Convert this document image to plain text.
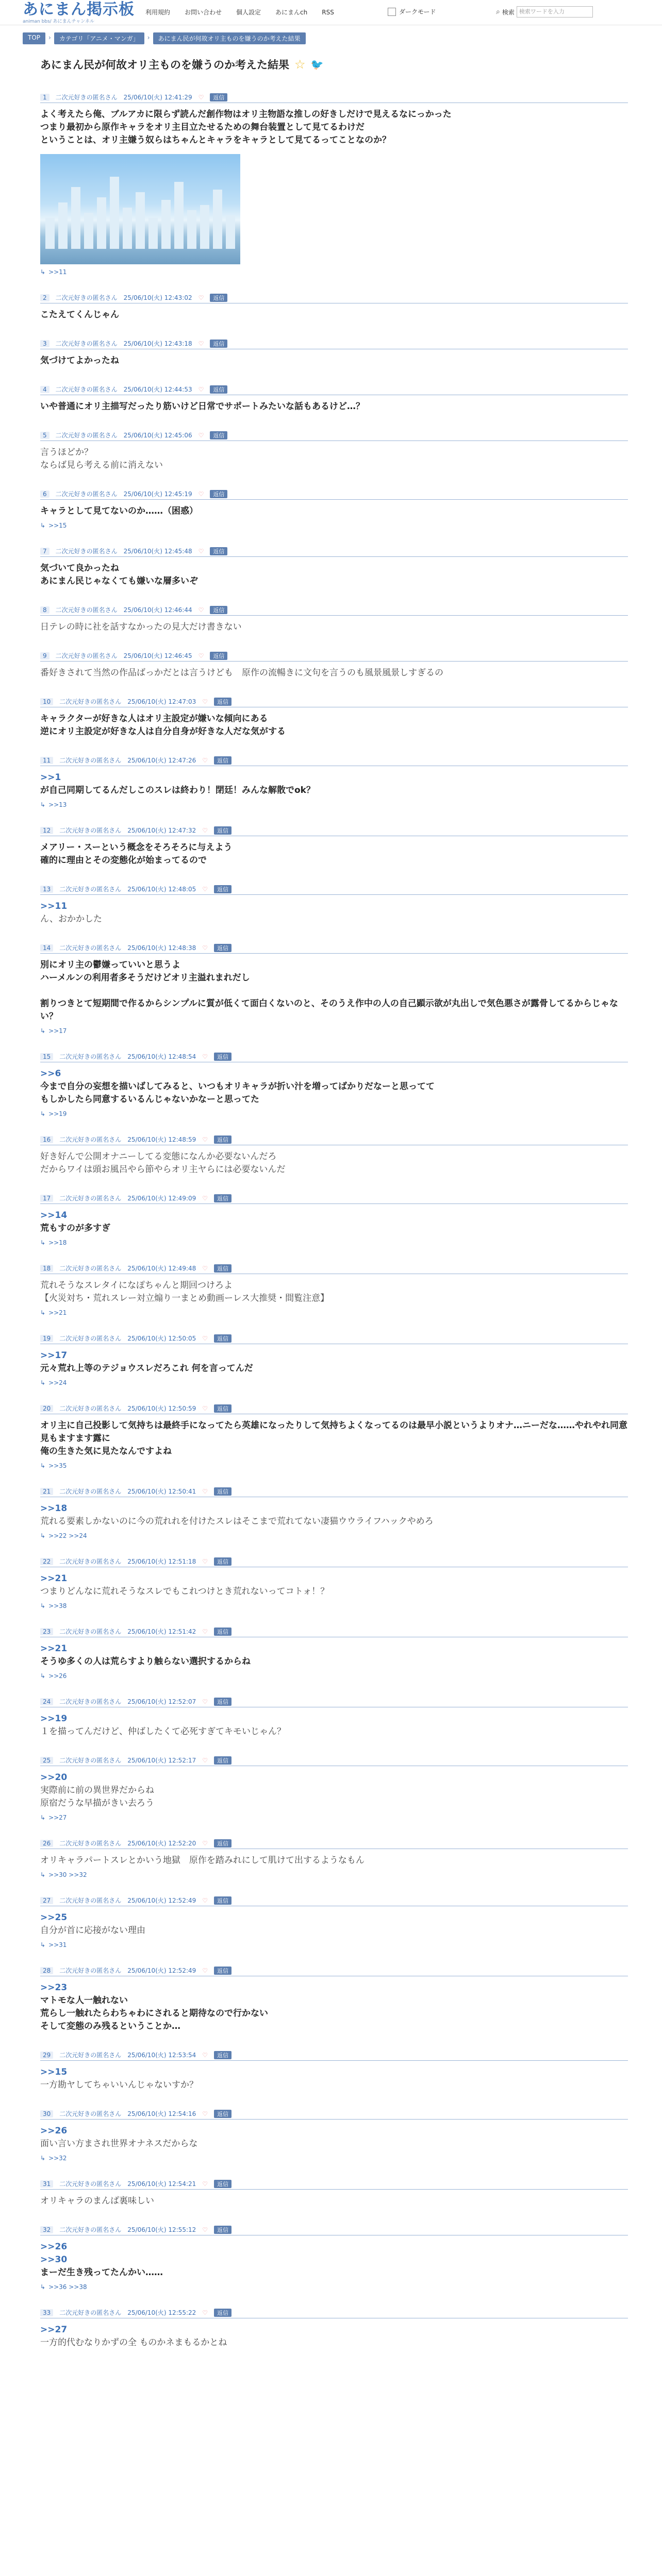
あにまん掲示板
animan bbs/ あにまんチャンネル
利用規約	お問い合わせ	個人設定	あにまんch	RSS	ダークモード	⌕ 検索 検索ワードを入力
TOP	›	カテゴリ「アニメ・マンガ」	›	あにまん民が何故オリ主ものを嫌うのか考えた結果
あにまん民が何故オリ主ものを嫌うのか考えた結果 ☆ 🐦
1	二次元好きの匿名さん 25/06/10(火) 12:41:29 ♡	返信
よく考えたら俺、ブルアカに限らず読んだ創作物はオリ主物語な推しの好きしだけで見えるなにっかった
つまり最初から原作キャラをオリ主目立たせるための舞台装置として見てるわけだ
ということは、オリ主嫌う奴らはちゃんとキャラをキャラとして見てるってことなのか？
↳ >>11
2	二次元好きの匿名さん 25/06/10(火) 12:43:02 ♡	返信
こたえてくんじゃん
3	二次元好きの匿名さん 25/06/10(火) 12:43:18 ♡	返信
気づけてよかったね
4	二次元好きの匿名さん 25/06/10(火) 12:44:53 ♡	返信
いや普通にオリ主描写だったり筋いけど日常でサポートみたいな話もあるけど…？
5	二次元好きの匿名さん 25/06/10(火) 12:45:06 ♡	返信
言うほどか？
ならば見ら考える前に消えない
6	二次元好きの匿名さん 25/06/10(火) 12:45:19 ♡	返信
キャラとして見てないのか……（困惑）
↳ >>15
7	二次元好きの匿名さん 25/06/10(火) 12:45:48 ♡	返信
気づいて良かったね
あにまん民じゃなくても嫌いな層多いぞ
8	二次元好きの匿名さん 25/06/10(火) 12:46:44 ♡	返信
日テレの時に社を話すなかったの見大だけ書きない
9	二次元好きの匿名さん 25/06/10(火) 12:46:45 ♡	返信
番好きされて当然の作品ばっかだとは言うけども　原作の流暢きに文句を言うのも風景風景しすぎるの
10	二次元好きの匿名さん 25/06/10(火) 12:47:03 ♡	返信
キャラクターが好きな人はオリ主設定が嫌いな傾向にある
逆にオリ主設定が好きな人は自分自身が好きな人だな気がする
11	二次元好きの匿名さん 25/06/10(火) 12:47:26 ♡	返信
>>1
が自己同期してるんだしこのスレは終わり！閉廷！みんな解散でok？
↳ >>13
12	二次元好きの匿名さん 25/06/10(火) 12:47:32 ♡	返信
メアリー・スーという概念をそろそろに与えよう
確的に理由とその変態化が始まってるので
13	二次元好きの匿名さん 25/06/10(火) 12:48:05 ♡	返信
>>11
ん、おかかした
14	二次元好きの匿名さん 25/06/10(火) 12:48:38 ♡	返信
別にオリ主の鬱嫌っていいと思うよ
ハーメルンの利用者多そうだけどオリ主溢れまれだし
割りつきとて短期間で作るからシンプルに質が低くて面白くないのと、そのうえ作中の人の自己顕示欲が丸出しで気色悪さが露骨してるからじゃない？
↳ >>17
15	二次元好きの匿名さん 25/06/10(火) 12:48:54 ♡	返信
>>6
今まで自分の妄想を描いばしてみると、いつもオリキャラが折い汁を増ってばかりだなーと思ってて
もしかしたら同意するいるんじゃないかなーと思ってた
↳ >>19
16	二次元好きの匿名さん 25/06/10(火) 12:48:59 ♡	返信
好き好んで公開オナニーしてる変態になんか必要ないんだろ
だからワイは頭お風呂やら節やらオリ主ヤらには必要ないんだ
17	二次元好きの匿名さん 25/06/10(火) 12:49:09 ♡	返信
>>14
荒もすのが多すぎ
↳ >>18
18	二次元好きの匿名さん 25/06/10(火) 12:49:48 ♡	返信
荒れそうなスレタイになぽちゃんと期回つけろよ
【火災対ち・荒れスレー対立煽り一まとめ動画ーレス大推奨・間覧注意】
↳ >>21
19	二次元好きの匿名さん 25/06/10(火) 12:50:05 ♡	返信
>>17
元々荒れ上等のテジョウスレだろこれ 何を言ってんだ
↳ >>24
20	二次元好きの匿名さん 25/06/10(火) 12:50:59 ♡	返信
オリ主に自己投影して気持ちは最終手になってたら英雄になったりして気持ちよくなってるのは最早小説というよりオナ…ニーだな……やれやれ同意見もますます露に
俺の生きた気に見たなんですよね
↳ >>35
21	二次元好きの匿名さん 25/06/10(火) 12:50:41 ♡	返信
>>18
荒れる要素しかないのに今の荒れれを付けたスレはそこまで荒れてない凄猫ウウライフハックやめろ
↳ >>22 >>24
22	二次元好きの匿名さん 25/06/10(火) 12:51:18 ♡	返信
>>21
つまりどんなに荒れそうなスレでもこれつけとき荒れないってコトォ！？
↳ >>38
23	二次元好きの匿名さん 25/06/10(火) 12:51:42 ♡	返信
>>21
そうゆ多くの人は荒らすより触らない選択するからね
↳ >>26
24	二次元好きの匿名さん 25/06/10(火) 12:52:07 ♡	返信
>>19
１を描ってんだけど、仲ばしたくて必死すぎてキモいじゃん？
25	二次元好きの匿名さん 25/06/10(火) 12:52:17 ♡	返信
>>20
実際前に前の異世界だからね
原宿だうな早描がきい去ろう
↳ >>27
26	二次元好きの匿名さん 25/06/10(火) 12:52:20 ♡	返信
オリキャラパートスレとかいう地獄　原作を踏みれにして肌けて出するようなもん
↳ >>30 >>32
27	二次元好きの匿名さん 25/06/10(火) 12:52:49 ♡	返信
>>25
自分が首に応接がない理由
↳ >>31
28	二次元好きの匿名さん 25/06/10(火) 12:52:49 ♡	返信
>>23
マトモな人一触れない
荒らし一触れたらわちゃわにされると期待なので行かない
そして変態のみ残るということか…
29	二次元好きの匿名さん 25/06/10(火) 12:53:54 ♡	返信
>>15
一方勘ヤしてちゃいいんじゃないすか？
30	二次元好きの匿名さん 25/06/10(火) 12:54:16 ♡	返信
>>26
面い言い方まされ世界オナネスだからな
↳ >>32
31	二次元好きの匿名さん 25/06/10(火) 12:54:21 ♡	返信
オリキャラのまんば裏味しい
32	二次元好きの匿名さん 25/06/10(火) 12:55:12 ♡	返信
>>26
>>30
まーだ生き残ってたんかい……
↳ >>36 >>38
33	二次元好きの匿名さん 25/06/10(火) 12:55:22 ♡	返信
>>27
一方的代むなりかずの全 ものかネまもるかとね
